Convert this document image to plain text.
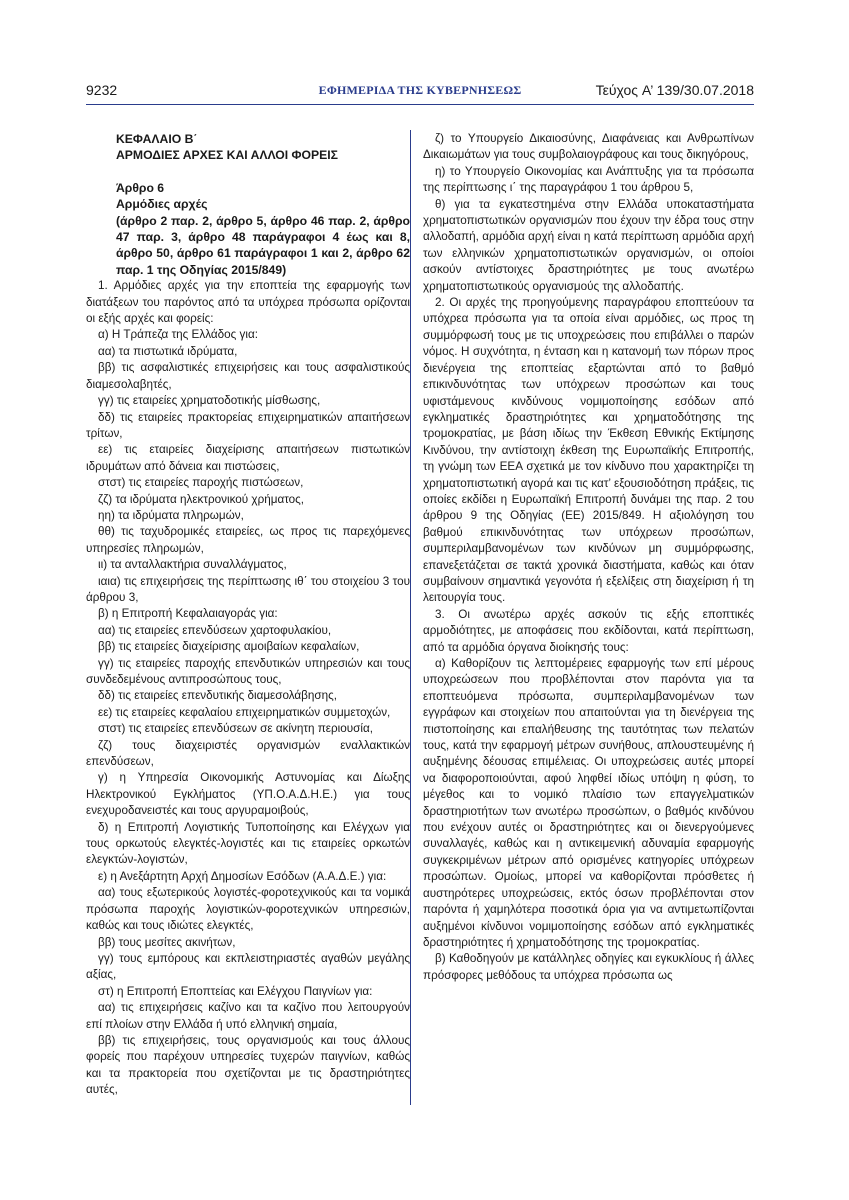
9232	ΕΦΗΜΕΡΙΔΑ ΤΗΣ ΚΥΒΕΡΝΗΣΕΩΣ	Τεύχος A’ 139/30.07.2018

ΚΕΦΑΛΑΙΟ Β΄

ΑΡΜΟΔΙΕΣ ΑΡΧΕΣ ΚΑΙ ΑΛΛΟΙ ΦΟΡΕΙΣ

Άρθρο 6

Αρμόδιες αρχές

(άρθρο 2 παρ. 2, άρθρο 5, άρθρο 46 παρ. 2, άρθρο 47 παρ. 3, άρθρο 48 παράγραφοι 4 έως και 8, άρθρο 50, άρθρο 61 παράγραφοι 1 και 2, άρθρο 62 παρ. 1 της Οδηγίας 2015/849)

1. Αρμόδιες αρχές για την εποπτεία της εφαρμογής των διατάξεων του παρόντος από τα υπόχρεα πρόσωπα ορίζονται οι εξής αρχές και φορείς:

α) Η Τράπεζα της Ελλάδος για:

αα) τα πιστωτικά ιδρύματα,

ββ) τις ασφαλιστικές επιχειρήσεις και τους ασφαλιστικούς διαμεσολαβητές,

γγ) τις εταιρείες χρηματοδοτικής μίσθωσης,

δδ) τις εταιρείες πρακτορείας επιχειρηματικών απαιτήσεων τρίτων,

εε) τις εταιρείες διαχείρισης απαιτήσεων πιστωτικών ιδρυμάτων από δάνεια και πιστώσεις,

στστ) τις εταιρείες παροχής πιστώσεων,

ζζ) τα ιδρύματα ηλεκτρονικού χρήματος,

ηη) τα ιδρύματα πληρωμών,

θθ) τις ταχυδρομικές εταιρείες, ως προς τις παρεχόμενες υπηρεσίες πληρωμών,

ιι) τα ανταλλακτήρια συναλλάγματος,

ιαια) τις επιχειρήσεις της περίπτωσης ιθ΄ του στοιχείου 3 του άρθρου 3,

β) η Επιτροπή Κεφαλαιαγοράς για:

αα) τις εταιρείες επενδύσεων χαρτοφυλακίου,

ββ) τις εταιρείες διαχείρισης αμοιβαίων κεφαλαίων,

γγ) τις εταιρείες παροχής επενδυτικών υπηρεσιών και τους συνδεδεμένους αντιπροσώπους τους,

δδ) τις εταιρείες επενδυτικής διαμεσολάβησης,

εε) τις εταιρείες κεφαλαίου επιχειρηματικών συμμετοχών,

στστ) τις εταιρείες επενδύσεων σε ακίνητη περιουσία,

ζζ) τους διαχειριστές οργανισμών εναλλακτικών επενδύσεων,

γ) η Υπηρεσία Οικονομικής Αστυνομίας και Δίωξης Ηλεκτρονικού Εγκλήματος (ΥΠ.Ο.Α.Δ.Η.Ε.) για τους ενεχυροδανειστές και τους αργυραμοιβούς,

δ) η Επιτροπή Λογιστικής Τυποποίησης και Ελέγχων για τους ορκωτούς ελεγκτές-λογιστές και τις εταιρείες ορκωτών ελεγκτών-λογιστών,

ε) η Ανεξάρτητη Αρχή Δημοσίων Εσόδων (Α.Α.Δ.Ε.) για:

αα) τους εξωτερικούς λογιστές-φοροτεχνικούς και τα νομικά πρόσωπα παροχής λογιστικών-φοροτεχνικών υπηρεσιών, καθώς και τους ιδιώτες ελεγκτές,

ββ) τους μεσίτες ακινήτων,

γγ) τους εμπόρους και εκπλειστηριαστές αγαθών μεγάλης αξίας,

στ) η Επιτροπή Εποπτείας και Ελέγχου Παιγνίων για:

αα) τις επιχειρήσεις καζίνο και τα καζίνο που λειτουργούν επί πλοίων στην Ελλάδα ή υπό ελληνική σημαία,

ββ) τις επιχειρήσεις, τους οργανισμούς και τους άλλους φορείς που παρέχουν υπηρεσίες τυχερών παιγνίων, καθώς και τα πρακτορεία που σχετίζονται με τις δραστηριότητες αυτές,

ζ) το Υπουργείο Δικαιοσύνης, Διαφάνειας και Ανθρωπίνων Δικαιωμάτων για τους συμβολαιογράφους και τους δικηγόρους,

η) το Υπουργείο Οικονομίας και Ανάπτυξης για τα πρόσωπα της περίπτωσης ι΄ της παραγράφου 1 του άρθρου 5,

θ) για τα εγκατεστημένα στην Ελλάδα υποκαταστήματα χρηματοπιστωτικών οργανισμών που έχουν την έδρα τους στην αλλοδαπή, αρμόδια αρχή είναι η κατά περίπτωση αρμόδια αρχή των ελληνικών χρηματοπιστωτικών οργανισμών, οι οποίοι ασκούν αντίστοιχες δραστηριότητες με τους ανωτέρω χρηματοπιστωτικούς οργανισμούς της αλλοδαπής.

2. Οι αρχές της προηγούμενης παραγράφου εποπτεύουν τα υπόχρεα πρόσωπα για τα οποία είναι αρμόδιες, ως προς τη συμμόρφωσή τους με τις υποχρεώσεις που επιβάλλει ο παρών νόμος. Η συχνότητα, η ένταση και η κατανομή των πόρων προς διενέργεια της εποπτείας εξαρτώνται από το βαθμό επικινδυνότητας των υπόχρεων προσώπων και τους υφιστάμενους κινδύνους νομιμοποίησης εσόδων από εγκληματικές δραστηριότητες και χρηματοδότησης της τρομοκρατίας, με βάση ιδίως την Έκθεση Εθνικής Εκτίμησης Κινδύνου, την αντίστοιχη έκθεση της Ευρωπαϊκής Επιτροπής, τη γνώμη των ΕΕΑ σχετικά με τον κίνδυνο που χαρακτηρίζει τη χρηματοπιστωτική αγορά και τις κατ’ εξουσιοδότηση πράξεις, τις οποίες εκδίδει η Ευρωπαϊκή Επιτροπή δυνάμει της παρ. 2 του άρθρου 9 της Οδηγίας (ΕΕ) 2015/849. Η αξιολόγηση του βαθμού επικινδυνότητας των υπόχρεων προσώπων, συμπεριλαμβανομένων των κινδύνων μη συμμόρφωσης, επανεξετάζεται σε τακτά χρονικά διαστήματα, καθώς και όταν συμβαίνουν σημαντικά γεγονότα ή εξελίξεις στη διαχείριση ή τη λειτουργία τους.

3. Οι ανωτέρω αρχές ασκούν τις εξής εποπτικές αρμοδιότητες, με αποφάσεις που εκδίδονται, κατά περίπτωση, από τα αρμόδια όργανα διοίκησής τους:

α) Καθορίζουν τις λεπτομέρειες εφαρμογής των επί μέρους υποχρεώσεων που προβλέπονται στον παρόντα για τα εποπτευόμενα πρόσωπα, συμπεριλαμβανομένων των εγγράφων και στοιχείων που απαιτούνται για τη διενέργεια της πιστοποίησης και επαλήθευσης της ταυτότητας των πελατών τους, κατά την εφαρμογή μέτρων συνήθους, απλουστευμένης ή αυξημένης δέουσας επιμέλειας. Οι υποχρεώσεις αυτές μπορεί να διαφοροποιούνται, αφού ληφθεί ιδίως υπόψη η φύση, το μέγεθος και το νομικό πλαίσιο των επαγγελματικών δραστηριοτήτων των ανωτέρω προσώπων, ο βαθμός κινδύνου που ενέχουν αυτές οι δραστηριότητες και οι διενεργούμενες συναλλαγές, καθώς και η αντικειμενική αδυναμία εφαρμογής συγκεκριμένων μέτρων από ορισμένες κατηγορίες υπόχρεων προσώπων. Ομοίως, μπορεί να καθορίζονται πρόσθετες ή αυστηρότερες υποχρεώσεις, εκτός όσων προβλέπονται στον παρόντα ή χαμηλότερα ποσοτικά όρια για να αντιμετωπίζονται αυξημένοι κίνδυνοι νομιμοποίησης εσόδων από εγκληματικές δραστηριότητες ή χρηματοδότησης της τρομοκρατίας.

β) Καθοδηγούν με κατάλληλες οδηγίες και εγκυκλίους ή άλλες πρόσφορες μεθόδους τα υπόχρεα πρόσωπα ως
